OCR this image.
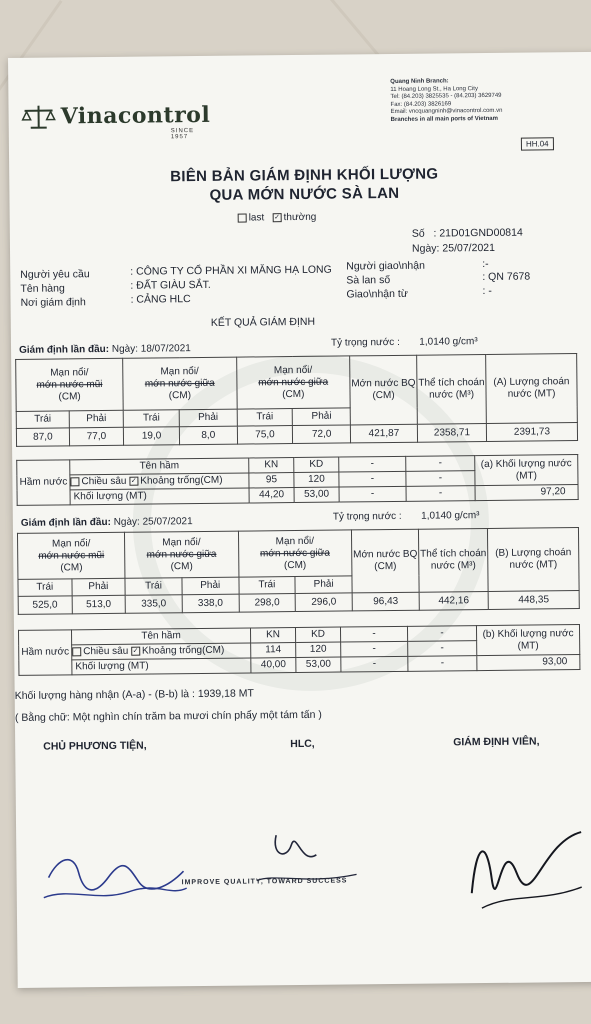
Vinacontrol
SINCE 1957
Quang Ninh Branch:
11 Hoang Long St., Ha Long City
Tel: (84.203) 3825535 - (84.203) 3629749
Fax: (84.203) 3826169
Email: vncquangninh@vinacontrol.com.vn
Branches in all main ports of Vietnam
HH.04
BIÊN BẢN GIÁM ĐỊNH KHỐI LƯỢNG
QUA MỚN NƯỚC SÀ LAN
last ✓ thường
Số : 21D01GND00814
Ngày: 25/07/2021
Người yêu cầu	: CÔNG TY CỔ PHẦN XI MĂNG HẠ LONG
Tên hàng	: ĐẤT GIÀU SẮT.
Nơi giám định	: CẢNG HLC
Người giao\nhận	:-
Sà lan số	: QN 7678
Giao\nhận từ	: -
KẾT QUẢ GIÁM ĐỊNH
Giám định lần đầu: Ngày: 18/07/2021
Tỷ trọng nước : 1,0140 g/cm³
Mạn nổi/
mớn nước mũi
(CM)		Mạn nổi/
mớn nước giữa
(CM)		Mạn nổi/
mớn nước giữa
(CM)		Mớn nước BQ (CM)	Thể tích choán nước (M³)	(A) Lượng choán nước (MT)
Trái	Phải	Trái	Phải	Trái	Phải			
87,0	77,0	19,0	8,0	75,0	72,0	421,87	2358,71	2391,73
Hầm nước	Tên hầm	KN	KD	-	-	(a) Khối lượng nước (MT)
	Chiều sâu ✓ Khoảng trống(CM)	95	120	-	-	
	Khối lượng (MT)	44,20	53,00	-	-	97,20
Giám định lần đầu: Ngày: 25/07/2021	Tỷ trọng nước : 1,0140 g/cm³
Mạn nổi/
mớn nước mũi
(CM)		Mạn nổi/
mớn nước giữa
(CM)		Mạn nổi/
mớn nước giữa
(CM)		Mớn nước BQ (CM)	Thể tích choán nước (M³)	(B) Lượng choán nước (MT)
Trái	Phải	Trái	Phải	Trái	Phải			
525,0	513,0	335,0	338,0	298,0	296,0	96,43	442,16	448,35
Hầm nước	Tên hầm	KN	KD	-	-	(b) Khối lượng nước (MT)
	Chiều sâu ✓ Khoảng trống(CM)	114	120	-	-	
	Khối lượng (MT)	40,00	53,00	-	-	93,00
Khối lượng hàng nhận (A-a) - (B-b) là : 1939,18 MT
( Bằng chữ: Một nghìn chín trăm ba mươi chín phẩy một tám tấn )
CHỦ PHƯƠNG TIỆN,	HLC,	GIÁM ĐỊNH VIÊN,
IMPROVE QUALITY, TOWARD SUCCESS
